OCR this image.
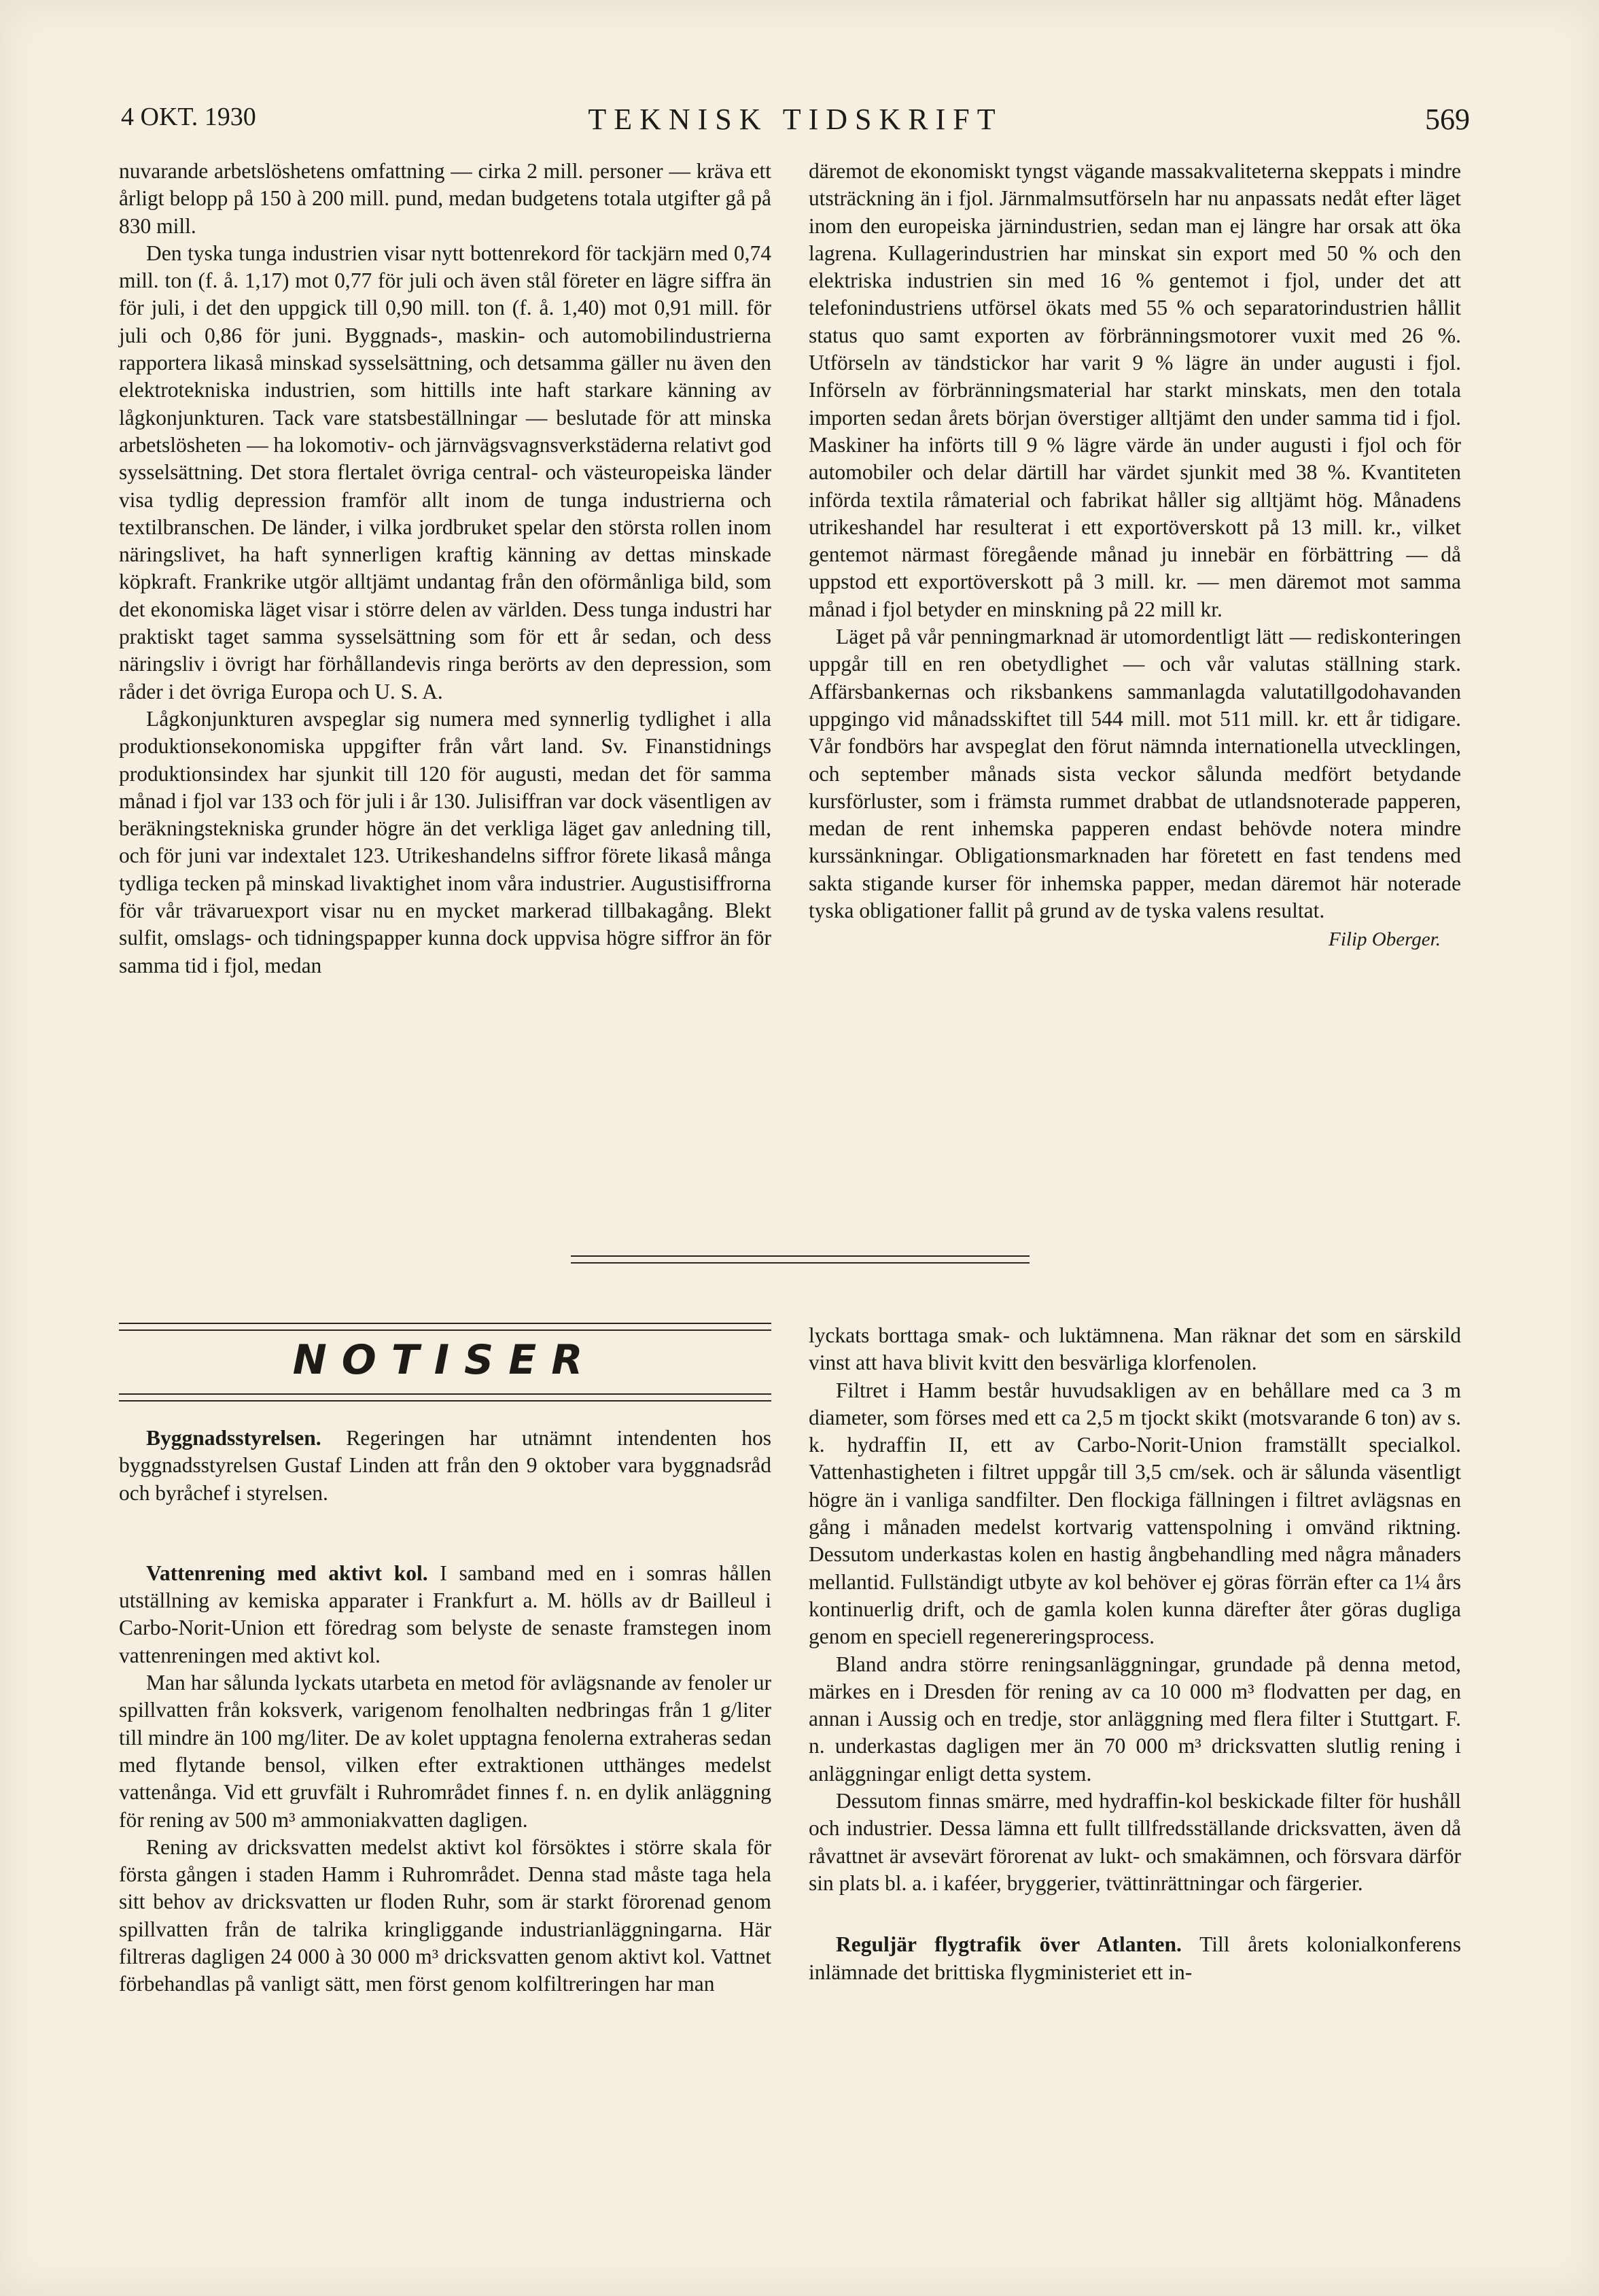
4 OKT. 1930	TEKNISK TIDSKRIFT	569

nuvarande arbetslöshetens omfattning — cirka 2 mill. personer — kräva ett årligt belopp på 150 à 200 mill. pund, medan budgetens totala utgifter gå på 830 mill.

Den tyska tunga industrien visar nytt bottenrekord för tackjärn med 0,74 mill. ton (f. å. 1,17) mot 0,77 för juli och även stål företer en lägre siffra än för juli, i det den uppgick till 0,90 mill. ton (f. å. 1,40) mot 0,91 mill. för juli och 0,86 för juni. Byggnads-, maskin- och automobilindustrierna rapportera likaså minskad sysselsättning, och detsamma gäller nu även den elektrotekniska industrien, som hittills inte haft starkare känning av lågkonjunkturen. Tack vare statsbeställningar — beslutade för att minska arbetslösheten — ha lokomotiv- och järnvägsvagnsverkstäderna relativt god sysselsättning. Det stora flertalet övriga central- och västeuropeiska länder visa tydlig depression framför allt inom de tunga industrierna och textilbranschen. De länder, i vilka jordbruket spelar den största rollen inom näringslivet, ha haft synnerligen kraftig känning av dettas minskade köpkraft. Frankrike utgör alltjämt undantag från den oförmånliga bild, som det ekonomiska läget visar i större delen av världen. Dess tunga industri har praktiskt taget samma sysselsättning som för ett år sedan, och dess näringsliv i övrigt har förhållandevis ringa berörts av den depression, som råder i det övriga Europa och U. S. A.

Lågkonjunkturen avspeglar sig numera med synnerlig tydlighet i alla produktionsekonomiska uppgifter från vårt land. Sv. Finanstidnings produktionsindex har sjunkit till 120 för augusti, medan det för samma månad i fjol var 133 och för juli i år 130. Julisiffran var dock väsentligen av beräkningstekniska grunder högre än det verkliga läget gav anledning till, och för juni var indextalet 123. Utrikeshandelns siffror förete likaså många tydliga tecken på minskad livaktighet inom våra industrier. Augustisiffrorna för vår trävaruexport visar nu en mycket markerad tillbakagång. Blekt sulfit, omslags- och tidningspapper kunna dock uppvisa högre siffror än för samma tid i fjol, medan

däremot de ekonomiskt tyngst vägande massakvaliteterna skeppats i mindre utsträckning än i fjol. Järnmalmsutförseln har nu anpassats nedåt efter läget inom den europeiska järnindustrien, sedan man ej längre har orsak att öka lagrena. Kullagerindustrien har minskat sin export med 50 % och den elektriska industrien sin med 16 % gentemot i fjol, under det att telefonindustriens utförsel ökats med 55 % och separatorindustrien hållit status quo samt exporten av förbränningsmotorer vuxit med 26 %. Utförseln av tändstickor har varit 9 % lägre än under augusti i fjol. Införseln av förbränningsmaterial har starkt minskats, men den totala importen sedan årets början överstiger alltjämt den under samma tid i fjol. Maskiner ha införts till 9 % lägre värde än under augusti i fjol och för automobiler och delar därtill har värdet sjunkit med 38 %. Kvantiteten införda textila råmaterial och fabrikat håller sig alltjämt hög. Månadens utrikeshandel har resulterat i ett exportöverskott på 13 mill. kr., vilket gentemot närmast föregående månad ju innebär en förbättring — då uppstod ett exportöverskott på 3 mill. kr. — men däremot mot samma månad i fjol betyder en minskning på 22 mill kr.

Läget på vår penningmarknad är utomordentligt lätt — rediskonteringen uppgår till en ren obetydlighet — och vår valutas ställning stark. Affärsbankernas och riksbankens sammanlagda valutatillgodohavanden uppgingo vid månadsskiftet till 544 mill. mot 511 mill. kr. ett år tidigare. Vår fondbörs har avspeglat den förut nämnda internationella utvecklingen, och september månads sista veckor sålunda medfört betydande kursförluster, som i främsta rummet drabbat de utlandsnoterade papperen, medan de rent inhemska papperen endast behövde notera mindre kurssänkningar. Obligationsmarknaden har företett en fast tendens med sakta stigande kurser för inhemska papper, medan däremot här noterade tyska obligationer fallit på grund av de tyska valens resultat.

Filip Oberger.
NOTISER

Byggnadsstyrelsen. Regeringen har utnämnt intendenten hos byggnadsstyrelsen Gustaf Linden att från den 9 oktober vara byggnadsråd och byråchef i styrelsen.

Vattenrening med aktivt kol. I samband med en i somras hållen utställning av kemiska apparater i Frankfurt a. M. hölls av dr Bailleul i Carbo-Norit-Union ett föredrag som belyste de senaste framstegen inom vattenreningen med aktivt kol.

Man har sålunda lyckats utarbeta en metod för avlägsnande av fenoler ur spillvatten från koksverk, varigenom fenolhalten nedbringas från 1 g/liter till mindre än 100 mg/liter. De av kolet upptagna fenolerna extraheras sedan med flytande bensol, vilken efter extraktionen utthänges medelst vattenånga. Vid ett gruvfält i Ruhrområdet finnes f. n. en dylik anläggning för rening av 500 m³ ammoniakvatten dagligen.

Rening av dricksvatten medelst aktivt kol försöktes i större skala för första gången i staden Hamm i Ruhrområdet. Denna stad måste taga hela sitt behov av dricksvatten ur floden Ruhr, som är starkt förorenad genom spillvatten från de talrika kringliggande industrianläggningarna. Här filtreras dagligen 24 000 à 30 000 m³ dricksvatten genom aktivt kol. Vattnet förbehandlas på vanligt sätt, men först genom kolfiltreringen har man

lyckats borttaga smak- och luktämnena. Man räknar det som en särskild vinst att hava blivit kvitt den besvärliga klorfenolen.

Filtret i Hamm består huvudsakligen av en behållare med ca 3 m diameter, som förses med ett ca 2,5 m tjockt skikt (motsvarande 6 ton) av s. k. hydraffin II, ett av Carbo-Norit-Union framställt specialkol. Vattenhastigheten i filtret uppgår till 3,5 cm/sek. och är sålunda väsentligt högre än i vanliga sandfilter. Den flockiga fällningen i filtret avlägsnas en gång i månaden medelst kortvarig vattenspolning i omvänd riktning. Dessutom underkastas kolen en hastig ångbehandling med några månaders mellantid. Fullständigt utbyte av kol behöver ej göras förrän efter ca 1¼ års kontinuerlig drift, och de gamla kolen kunna därefter åter göras dugliga genom en speciell regenereringsprocess.

Bland andra större reningsanläggningar, grundade på denna metod, märkes en i Dresden för rening av ca 10 000 m³ flodvatten per dag, en annan i Aussig och en tredje, stor anläggning med flera filter i Stuttgart. F. n. underkastas dagligen mer än 70 000 m³ dricksvatten slutlig rening i anläggningar enligt detta system.

Dessutom finnas smärre, med hydraffin-kol beskickade filter för hushåll och industrier. Dessa lämna ett fullt tillfredsställande dricksvatten, även då råvattnet är avsevärt förorenat av lukt- och smakämnen, och försvara därför sin plats bl. a. i kaféer, bryggerier, tvättinrättningar och färgerier.

Reguljär flygtrafik över Atlanten. Till årets kolonialkonferens inlämnade det brittiska flygministeriet ett in-
